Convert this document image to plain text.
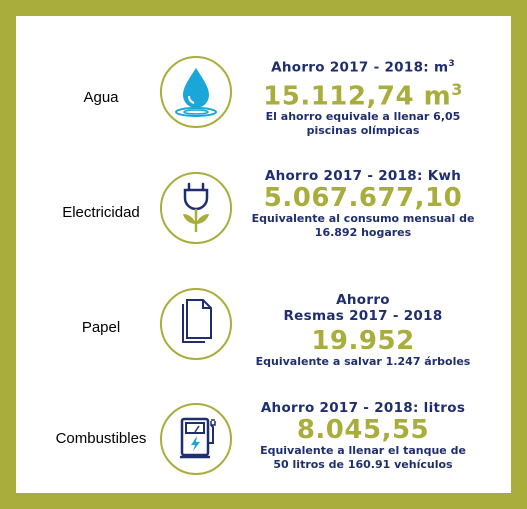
Agua
Ahorro 2017 - 2018: $m^3$
15.112,74 $m^3$
El ahorro equivale a llenar 6,05
piscinas olímpicas
Electricidad
Ahorro 2017 - 2018: Kwh
5.067.677,10
Equivalente al consumo mensual de
16.892 hogares
Papel
Ahorro
Resmas 2017 - 2018
19.952
Equivalente a salvar 1.247 árboles
Combustibles
Ahorro 2017 - 2018: litros
8.045,55
Equivalente a llenar el tanque de
50 litros de 160.91 vehículos
